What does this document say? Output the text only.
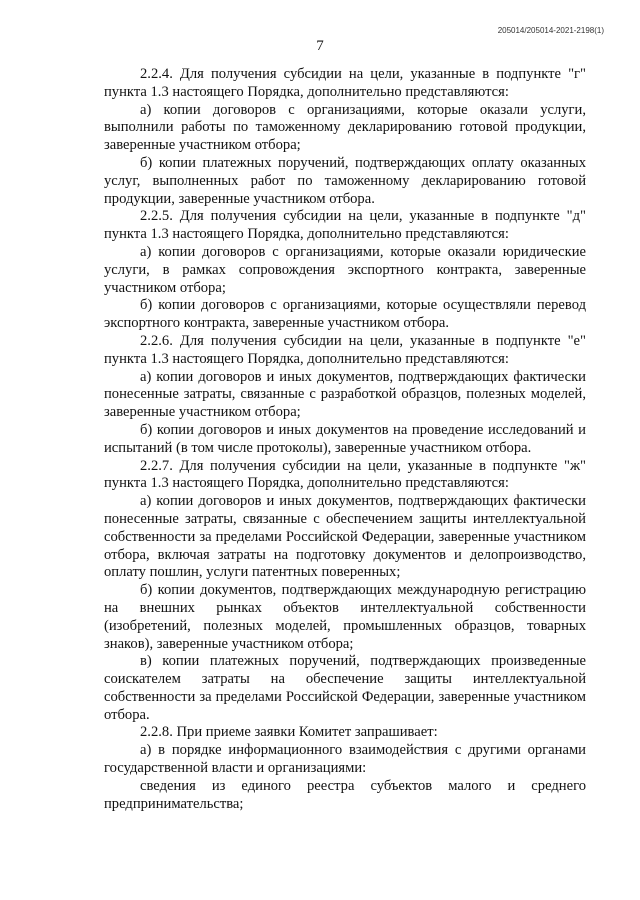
205014/205014-2021-2198(1)
7

2.2.4. Для получения субсидии на цели, указанные в подпункте "г" пункта 1.3 настоящего Порядка, дополнительно представляются:

а) копии договоров с организациями, которые оказали услуги, выполнили работы по таможенному декларированию готовой продукции, заверенные участником отбора;

б) копии платежных поручений, подтверждающих оплату оказанных услуг, выполненных работ по таможенному декларированию готовой продукции, заверенные участником отбора.

2.2.5. Для получения субсидии на цели, указанные в подпункте "д" пункта 1.3 настоящего Порядка, дополнительно представляются:

а) копии договоров с организациями, которые оказали юридические услуги, в рамках сопровождения экспортного контракта, заверенные участником отбора;

б) копии договоров с организациями, которые осуществляли перевод экспортного контракта, заверенные участником отбора.

2.2.6. Для получения субсидии на цели, указанные в подпункте "е" пункта 1.3 настоящего Порядка, дополнительно представляются:

а) копии договоров и иных документов, подтверждающих фактически понесенные затраты, связанные с разработкой образцов, полезных моделей, заверенные участником отбора;

б) копии договоров и иных документов на проведение исследований и испытаний (в том числе протоколы), заверенные участником отбора.

2.2.7. Для получения субсидии на цели, указанные в подпункте "ж" пункта 1.3 настоящего Порядка, дополнительно представляются:

а) копии договоров и иных документов, подтверждающих фактически понесенные затраты, связанные с обеспечением защиты интеллектуальной собственности за пределами Российской Федерации, заверенные участником отбора, включая затраты на подготовку документов и делопроизводство, оплату пошлин, услуги патентных поверенных;

б) копии документов, подтверждающих международную регистрацию на внешних рынках объектов интеллектуальной собственности (изобретений, полезных моделей, промышленных образцов, товарных знаков), заверенные участником отбора;

в) копии платежных поручений, подтверждающих произведенные соискателем затраты на обеспечение защиты интеллектуальной собственности за пределами Российской Федерации, заверенные участником отбора.

2.2.8. При приеме заявки Комитет запрашивает:

а) в порядке информационного взаимодействия с другими органами государственной власти и организациями:

сведения из единого реестра субъектов малого и среднего предпринимательства;
